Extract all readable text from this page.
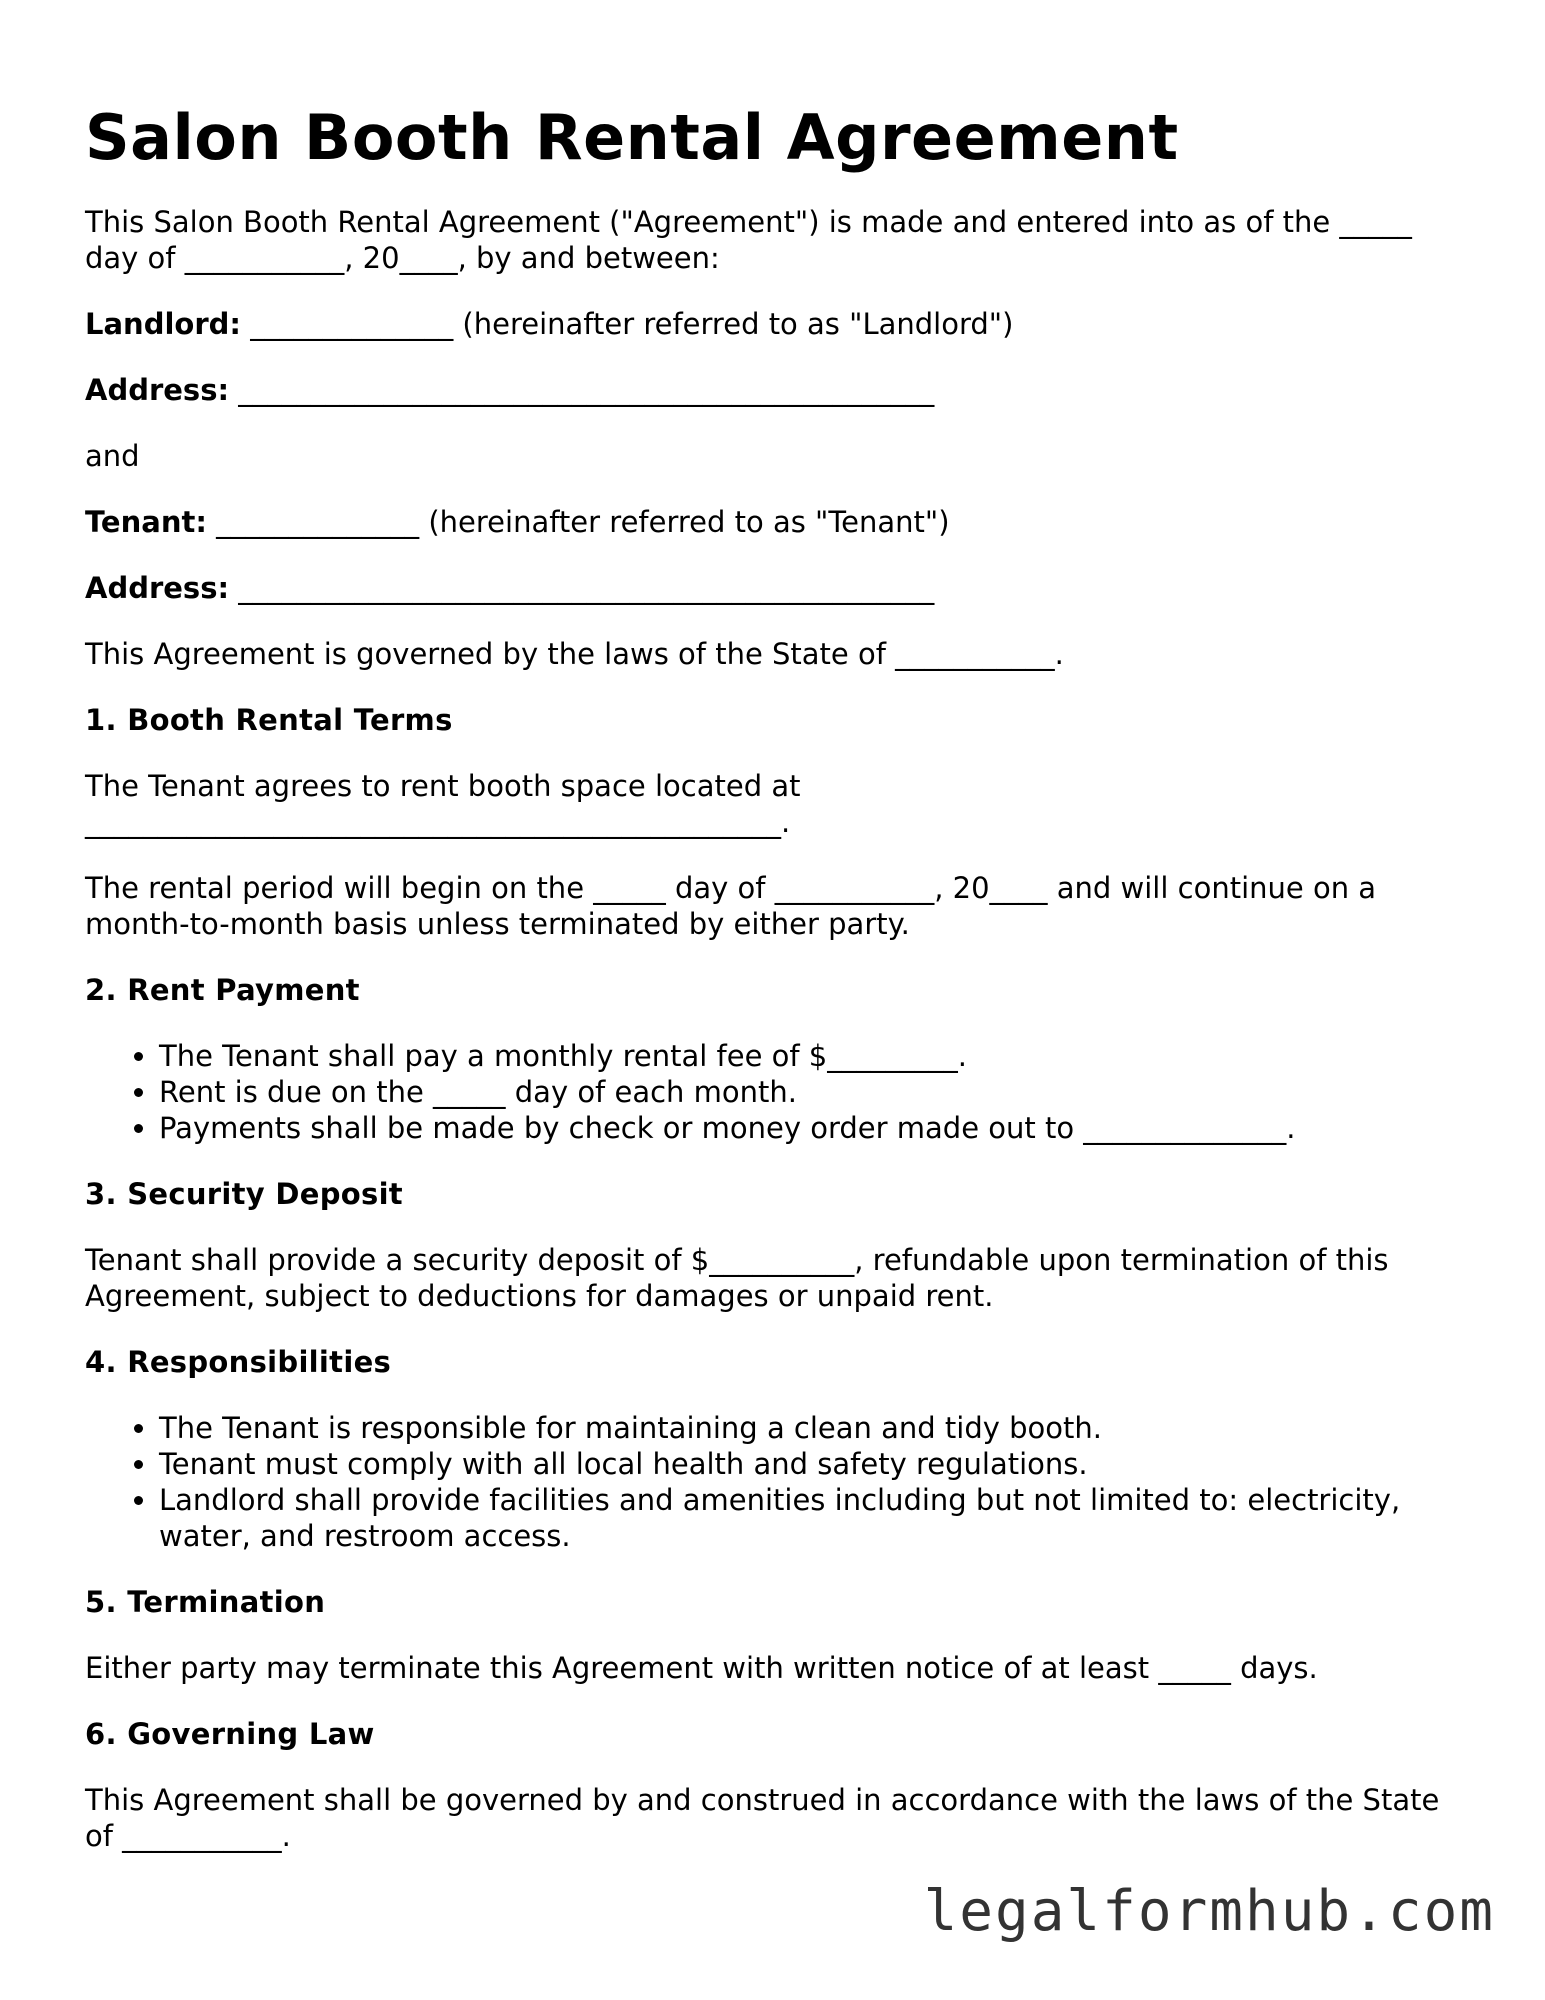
Salon Booth Rental Agreement

This Salon Booth Rental Agreement ("Agreement") is made and entered into as of the _____ day of ___________, 20____, by and between:

Landlord: ______________ (hereinafter referred to as "Landlord")

Address: ________________________________________________

and

Tenant: ______________ (hereinafter referred to as "Tenant")

Address: ________________________________________________

This Agreement is governed by the laws of the State of ___________.

1. Booth Rental Terms

The Tenant agrees to rent booth space located at ________________________________________________.

The rental period will begin on the _____ day of ___________, 20____ and will continue on a month-to-month basis unless terminated by either party.

2. Rent Payment
• The Tenant shall pay a monthly rental fee of $_________.
• Rent is due on the _____ day of each month.
• Payments shall be made by check or money order made out to ______________.
3. Security Deposit

Tenant shall provide a security deposit of $__________, refundable upon termination of this Agreement, subject to deductions for damages or unpaid rent.

4. Responsibilities
• The Tenant is responsible for maintaining a clean and tidy booth.
• Tenant must comply with all local health and safety regulations.
• Landlord shall provide facilities and amenities including but not limited to: electricity, water, and restroom access.
5. Termination

Either party may terminate this Agreement with written notice of at least _____ days.

6. Governing Law

This Agreement shall be governed by and construed in accordance with the laws of the State of ___________.

legalformhub.com
